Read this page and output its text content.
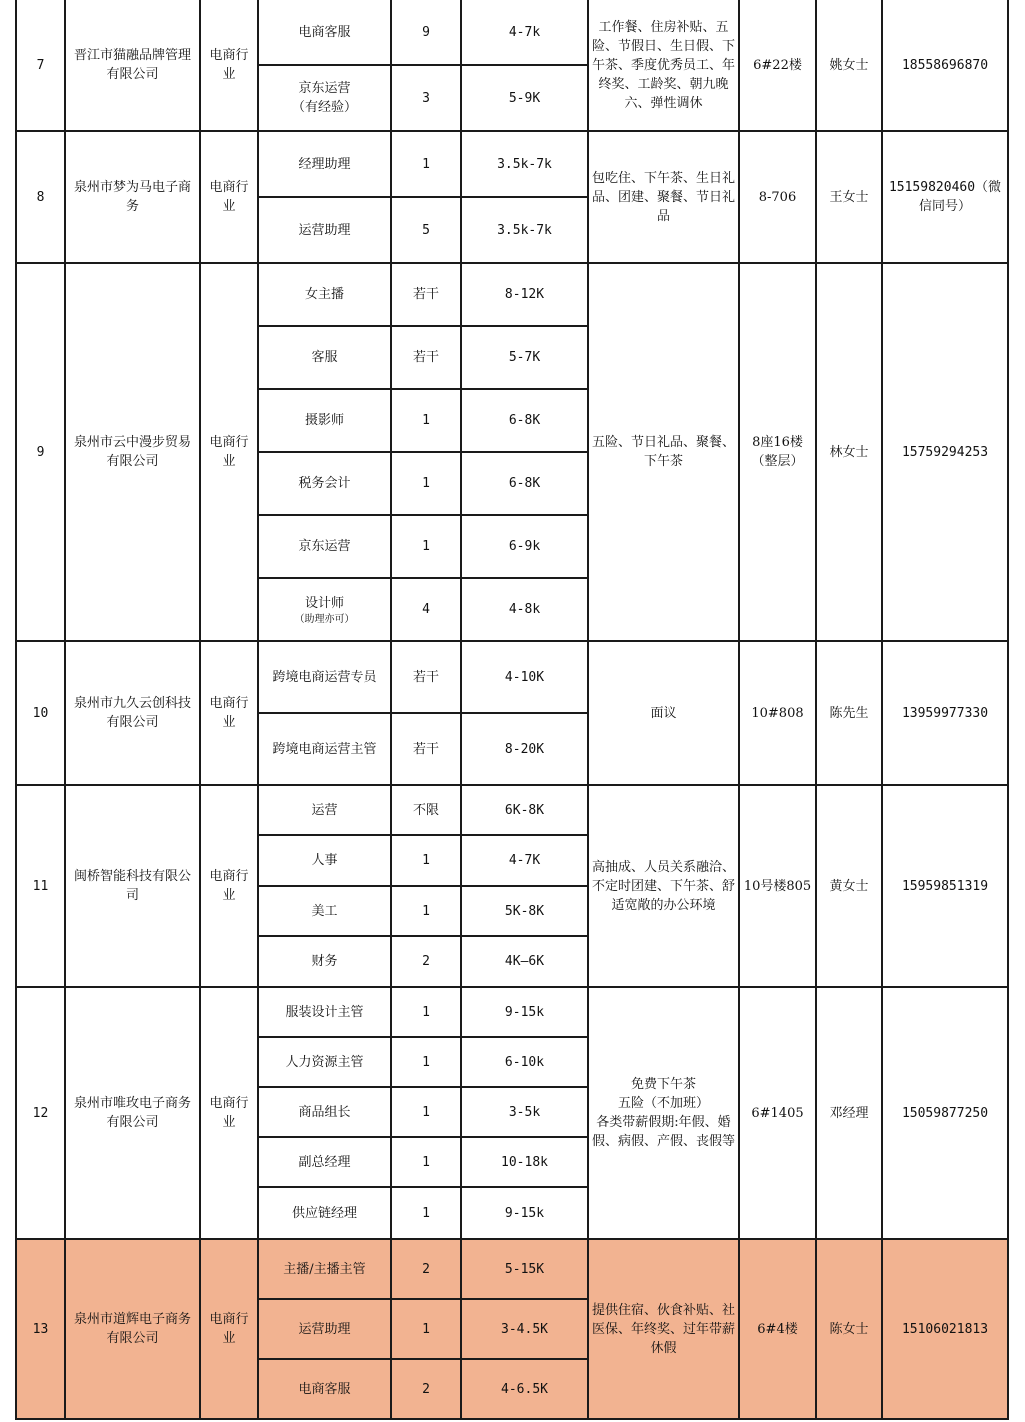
7	晋江市猫融品牌管理有限公司	电商行业	电商客服	9	4-7k	工作餐、住房补贴、五险、节假日、生日假、下午茶、季度优秀员工、年终奖、工龄奖、朝九晚六、弹性调休	6#22楼	姚女士	18558696870
			京东运营
（有经验）	3	5-9K				
8	泉州市梦为马电子商务	电商行业	经理助理	1	3.5k-7k	包吃住、下午茶、生日礼品、团建、聚餐、节日礼品	8-706	王女士	15159820460（微信同号）
			运营助理	5	3.5k-7k				
9	泉州市云中漫步贸易有限公司	电商行业	女主播	若干	8-12K	五险、节日礼品、聚餐、下午茶	8座16楼（整层）	林女士	15759294253
			客服	若干	5-7K				
			摄影师	1	6-8K				
			税务会计	1	6-8K				
			京东运营	1	6-9k				
			设计师
（助理亦可）	4	4-8k				
10	泉州市九久云创科技有限公司	电商行业	跨境电商运营专员	若干	4-10K	面议	10#808	陈先生	13959977330
			跨境电商运营主管	若干	8-20K				
11	闽桥智能科技有限公司	电商行业	运营	不限	6K-8K	高抽成、人员关系融洽、不定时团建、下午茶、舒适宽敞的办公环境	10号楼805	黄女士	15959851319
			人事	1	4-7K				
			美工	1	5K-8K				
			财务	2	4K—6K				
12	泉州市唯玫电子商务有限公司	电商行业	服装设计主管	1	9-15k	免费下午茶
五险（不加班）
各类带薪假期:年假、婚假、病假、产假、丧假等	6#1405	邓经理	15059877250
			人力资源主管	1	6-10k				
			商品组长	1	3-5k				
			副总经理	1	10-18k				
			供应链经理	1	9-15k				
13	泉州市道辉电子商务有限公司	电商行业	主播/主播主管	2	5-15K	提供住宿、伙食补贴、社医保、年终奖、过年带薪休假	6#4楼	陈女士	15106021813
			运营助理	1	3-4.5K				
			电商客服	2	4-6.5K				
